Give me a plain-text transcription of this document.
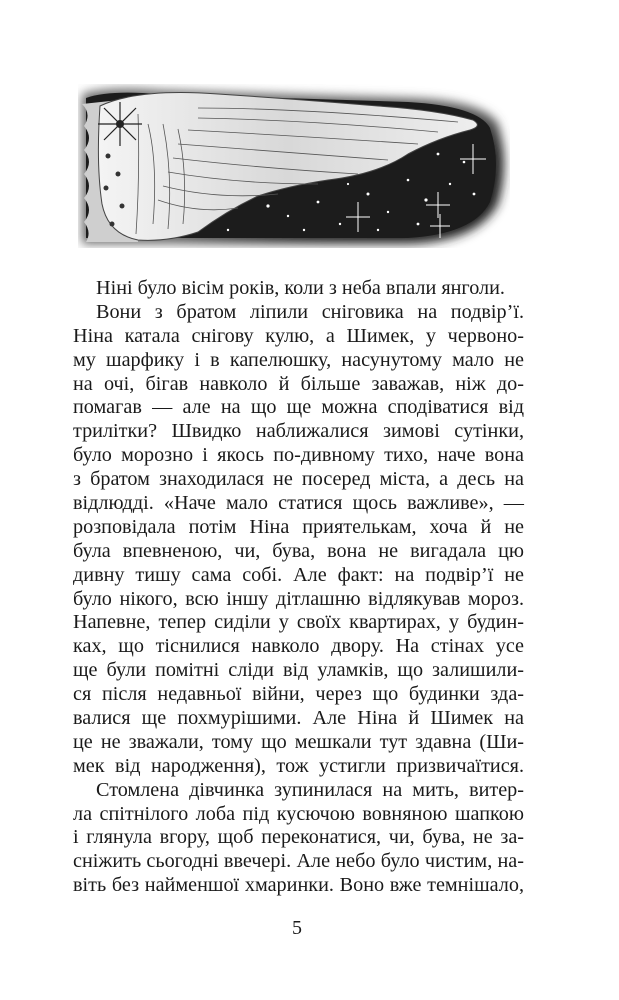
Ніні було вісім років, коли з неба впали янголи.
Вони з братом ліпили сніговика на подвір’ї.
Ніна катала снігову кулю, а Шимек, у червоно-
му шарфику і в капелюшку, насунутому мало не
на очі, бігав навколо й більше заважав, ніж до-
помагав — але на що ще можна сподіватися від
трилітки? Швидко наближалися зимові сутінки,
було морозно і якось по-дивному тихо, наче вона
з братом знаходилася не посеред міста, а десь на
відлюдді. «Наче мало статися щось важливе», —
розповідала потім Ніна приятелькам, хоча й не
була впевненою, чи, бува, вона не вигадала цю
дивну тишу сама собі. Але факт: на подвір’ї не
було нікого, всю іншу дітлашню відлякував мороз.
Напевне, тепер сиділи у своїх квартирах, у будин-
ках, що тіснилися навколо двору. На стінах усе
ще були помітні сліди від уламків, що залишили-
ся після недавньої війни, через що будинки зда-
валися ще похмурішими. Але Ніна й Шимек на
це не зважали, тому що мешкали тут здавна (Ши-
мек від народження), тож устигли призвичаїтися.
Стомлена дівчинка зупинилася на мить, витер-
ла спітнілого лоба під кусючою вовняною шапкою
і глянула вгору, щоб переконатися, чи, бува, не за-
сніжить сьогодні ввечері. Але небо було чистим, на-
віть без найменшої хмаринки. Воно вже темнішало,
5
